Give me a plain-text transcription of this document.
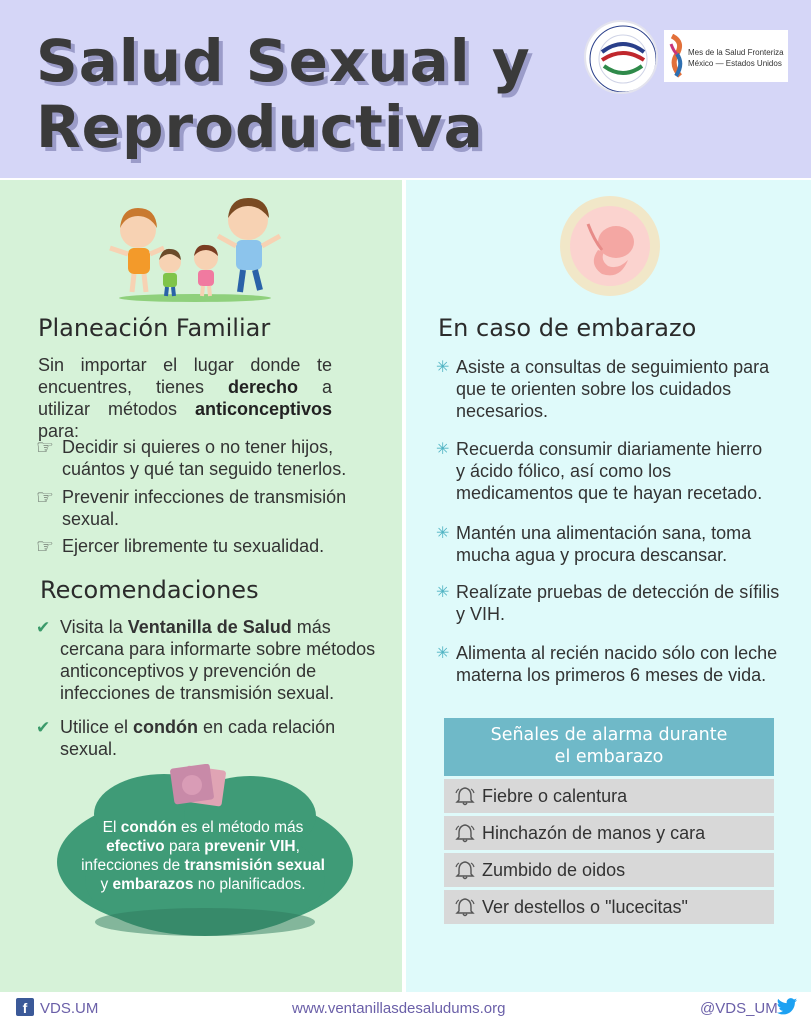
Salud Sexual y
Reproductiva
Mes de la Salud Fronteriza
México — Estados Unidos
Planeación Familiar

Sin importar el lugar donde te encuentres, tienes derecho a utilizar métodos anticonceptivos para:

☞ Decidir si quieres o no tener hijos,
cuántos y qué tan seguido tenerlos.
☞ Prevenir infecciones de transmisión
sexual.
☞ Ejercer libremente tu sexualidad.
Recomendaciones
✔ Visita la Ventanilla de Salud más
cercana para informarte sobre métodos
anticonceptivos y prevención de
infecciones de transmisión sexual.
✔ Utilice el condón en cada relación
sexual.
El condón es el método más
efectivo para prevenir VIH,
infecciones de transmisión sexual
y embarazos no planificados.
En caso de embarazo
✳ Asiste a consultas de seguimiento para
que te orienten sobre los cuidados
necesarios.
✳ Recuerda consumir diariamente hierro
y ácido fólico, así como los
medicamentos que te hayan recetado.
✳ Mantén una alimentación sana, toma
mucha agua y procura descansar.
✳ Realízate pruebas de detección de sífilis
y VIH.
✳ Alimenta al recién nacido sólo con leche
materna los primeros 6 meses de vida.
Señales de alarma durante
el embarazo
Fiebre o calentura
Hinchazón de manos y cara
Zumbido de oidos
Ver destellos o "lucecitas"
f VDS.UM	www.ventanillasdesaludums.org	@VDS_UM
